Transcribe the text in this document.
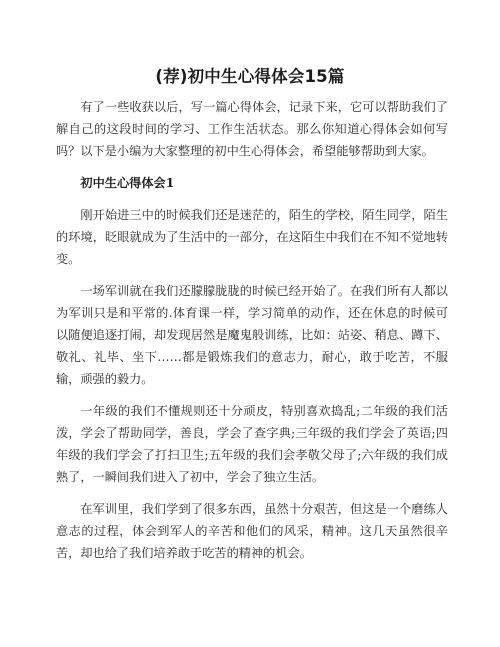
(荐)初中生心得体会15篇

有了一些收获以后，写一篇心得体会，记录下来，它可以帮助我们了解自己的这段时间的学习、工作生活状态。那么你知道心得体会如何写吗？以下是小编为大家整理的初中生心得体会，希望能够帮助到大家。

初中生心得体会1

刚开始进三中的时候我们还是迷茫的，陌生的学校，陌生同学，陌生的环境，眨眼就成为了生活中的一部分，在这陌生中我们在不知不觉地转变。

一场军训就在我们还朦朦胧胧的时候已经开始了。在我们所有人都以为军训只是和平常的.体育课一样，学习简单的动作，还在休息的时候可以随便追逐打闹，却发现居然是魔鬼般训练，比如：站姿、稍息、蹲下、敬礼、礼毕、坐下……都是锻炼我们的意志力，耐心，敢于吃苦，不服输，顽强的毅力。

一年级的我们不懂规则还十分顽皮，特别喜欢捣乱;二年级的我们活泼，学会了帮助同学，善良，学会了查字典;三年级的我们学会了英语;四年级的我们学会了打扫卫生;五年级的我们会孝敬父母了;六年级的我们成熟了，一瞬间我们进入了初中，学会了独立生活。

在军训里，我们学到了很多东西，虽然十分艰苦，但这是一个磨练人意志的过程，体会到军人的辛苦和他们的风采，精神。这几天虽然很辛苦，却也给了我们培养敢于吃苦的精神的机会。
